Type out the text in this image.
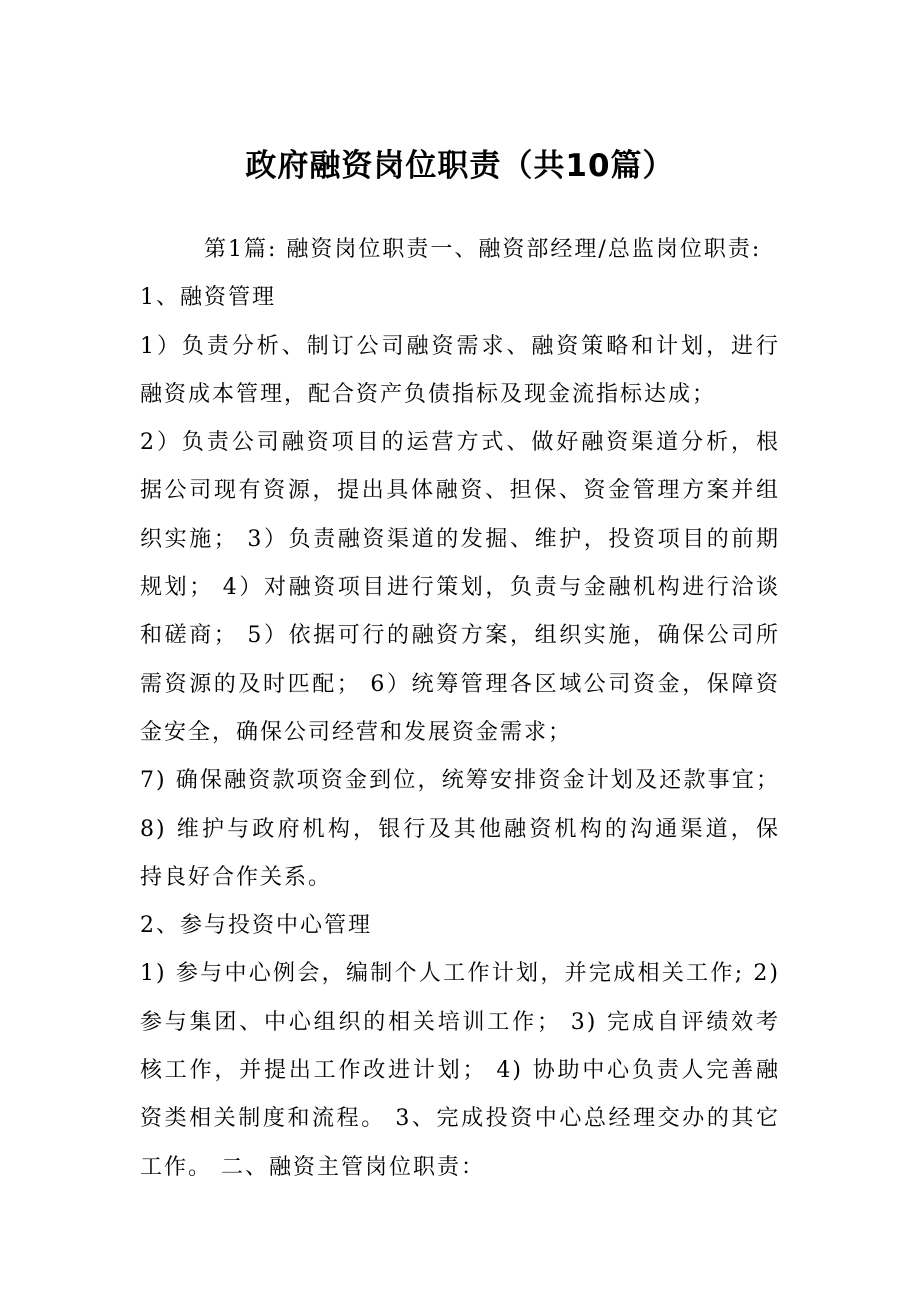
政府融资岗位职责（共10篇）
第1篇: 融资岗位职责一、融资部经理/总监岗位职责:
1、融资管理
1）负责分析、制订公司融资需求、融资策略和计划，进行
融资成本管理，配合资产负债指标及现金流指标达成；
2）负责公司融资项目的运营方式、做好融资渠道分析，根
据公司现有资源，提出具体融资、担保、资金管理方案并组
织实施； 3）负责融资渠道的发掘、维护，投资项目的前期
规划； 4）对融资项目进行策划，负责与金融机构进行洽谈
和磋商； 5）依据可行的融资方案，组织实施，确保公司所
需资源的及时匹配； 6）统筹管理各区域公司资金，保障资
金安全，确保公司经营和发展资金需求；
7) 确保融资款项资金到位，统筹安排资金计划及还款事宜；
8) 维护与政府机构，银行及其他融资机构的沟通渠道，保
持良好合作关系。
2、参与投资中心管理
1) 参与中心例会，编制个人工作计划，并完成相关工作; 2)
参与集团、中心组织的相关培训工作； 3) 完成自评绩效考
核工作，并提出工作改进计划； 4) 协助中心负责人完善融
资类相关制度和流程。 3、完成投资中心总经理交办的其它
工作。 二、融资主管岗位职责：
